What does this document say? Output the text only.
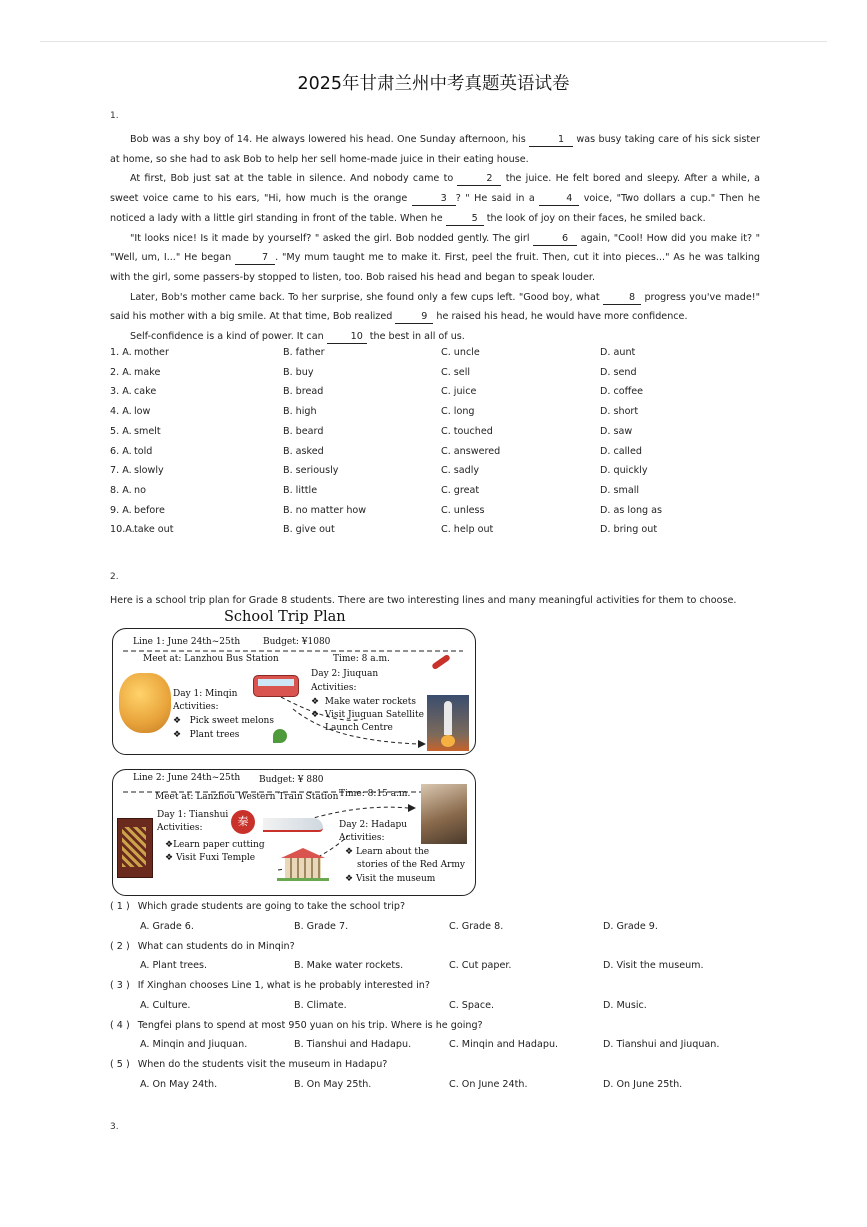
2025年甘肃兰州中考真题英语试卷
1.

Bob was a shy boy of 14. He always lowered his head. One Sunday afternoon, his	1 was busy taking care of his sick sister at home, so she had to ask Bob to help her sell home-made juice in their eating house.

At first, Bob just sat at the table in silence. And nobody came to	2 the juice. He felt bored and sleepy. After a while, a sweet voice came to his ears, "Hi, how much is the orange	3 ? " He said in a	4 voice, "Two dollars a cup." Then he noticed a lady with a little girl standing in front of the table. When he	5 the look of joy on their faces, he smiled back.

"It looks nice! Is it made by yourself? " asked the girl. Bob nodded gently. The girl	6 again, "Cool! How did you make it? " "Well, um, I..." He began	7 . "My mum taught me to make it. First, peel the fruit. Then, cut it into pieces..." As he was talking with the girl, some passers-by stopped to listen, too. Bob raised his head and began to speak louder.

Later, Bob's mother came back. To her surprise, she found only a few cups left. "Good boy, what	8 progress you've made!" said his mother with a big smile. At that time, Bob realized	9 he raised his head, he would have more confidence.

Self-confidence is a kind of power. It can 10 the best in all of us.

1. A. mother	B. father	C. uncle	D. aunt
2. A. make	B. buy	C. sell	D. send
3. A. cake	B. bread	C. juice	D. coffee
4. A. low	B. high	C. long	D. short
5. A. smelt	B. beard	C. touched	D. saw
6. A. told	B. asked	C. answered	D. called
7. A. slowly	B. seriously	C. sadly	D. quickly
8. A. no	B. little	C. great	D. small
9. A. before	B. no matter how	C. unless	D. as long as
10.A. take out	B. give out	C. help out	D. bring out
2.
Here is a school trip plan for Grade 8 students. There are two interesting lines and many meaningful activities for them to choose.
School Trip Plan
Line 1: June 24th~25th	Budget: ¥1080
Meet at: Lanzhou Bus Station	Time: 8 a.m.
Day 1: Minqin
Activities:
❖   Pick sweet melons
❖   Plant trees
Day 2: Jiuquan
Activities:
❖  Make water rockets
❖  Visit Jiuquan Satellite
Launch Centre
Line 2: June 24th~25th Budget: ¥ 880
Meet at: Lanzhou Western Train Station Time: 8:15 a.m.
Day 1: Tianshui
Activities:
❖Learn paper cutting
❖ Visit Fuxi Temple
秦	Day 2: Hadapu
Activities:
❖ Learn about the
stories of the Red Army
❖ Visit the museum
( 1 ) Which grade students are going to take the school trip?
A. Grade 6.	B. Grade 7.	C. Grade 8.	D. Grade 9.
( 2 ) What can students do in Minqin?
A. Plant trees.	B. Make water rockets.	C. Cut paper.	D. Visit the museum.
( 3 ) If Xinghan chooses Line 1, what is he probably interested in?
A. Culture.	B. Climate.	C. Space.	D. Music.
( 4 ) Tengfei plans to spend at most 950 yuan on his trip. Where is he going?
A. Minqin and Jiuquan.	B. Tianshui and Hadapu.	C. Minqin and Hadapu.	D. Tianshui and Jiuquan.
( 5 ) When do the students visit the museum in Hadapu?
A. On May 24th.	B. On May 25th.	C. On June 24th.	D. On June 25th.
3.
